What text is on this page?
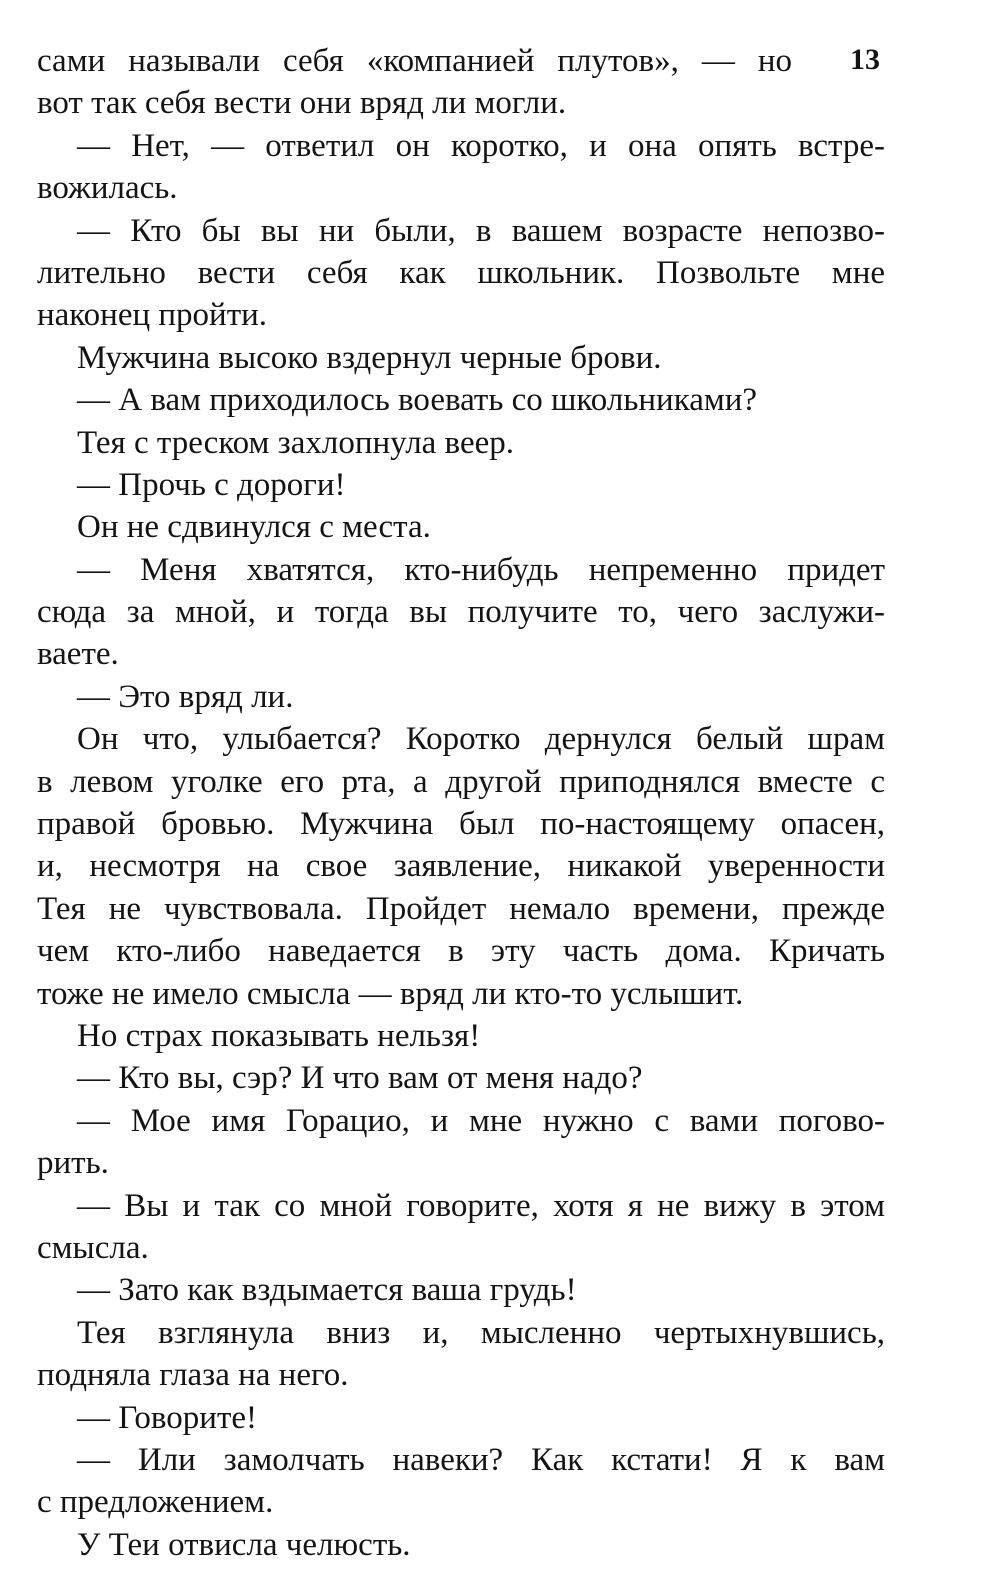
13
сами называли себя «компанией плутов», — но
вот так себя вести они вряд ли могли.
— Нет, — ответил он коротко, и она опять встре-
вожилась.
— Кто бы вы ни были, в вашем возрасте непозво-
лительно вести себя как школьник. Позвольте мне
наконец пройти.
Мужчина высоко вздернул черные брови.
— А вам приходилось воевать со школьниками?
Тея с треском захлопнула веер.
— Прочь с дороги!
Он не сдвинулся с места.
— Меня хватятся, кто-нибудь непременно придет
сюда за мной, и тогда вы получите то, чего заслужи-
ваете.
— Это вряд ли.
Он что, улыбается? Коротко дернулся белый шрам
в левом уголке его рта, а другой приподнялся вместе с
правой бровью. Мужчина был по-настоящему опасен,
и, несмотря на свое заявление, никакой уверенности
Тея не чувствовала. Пройдет немало времени, прежде
чем кто-либо наведается в эту часть дома. Кричать
тоже не имело смысла — вряд ли кто-то услышит.
Но страх показывать нельзя!
— Кто вы, сэр? И что вам от меня надо?
— Мое имя Горацио, и мне нужно с вами погово-
рить.
— Вы и так со мной говорите, хотя я не вижу в этом
смысла.
— Зато как вздымается ваша грудь!
Тея взглянула вниз и, мысленно чертыхнувшись,
подняла глаза на него.
— Говорите!
— Или замолчать навеки? Как кстати! Я к вам
с предложением.
У Теи отвисла челюсть.
